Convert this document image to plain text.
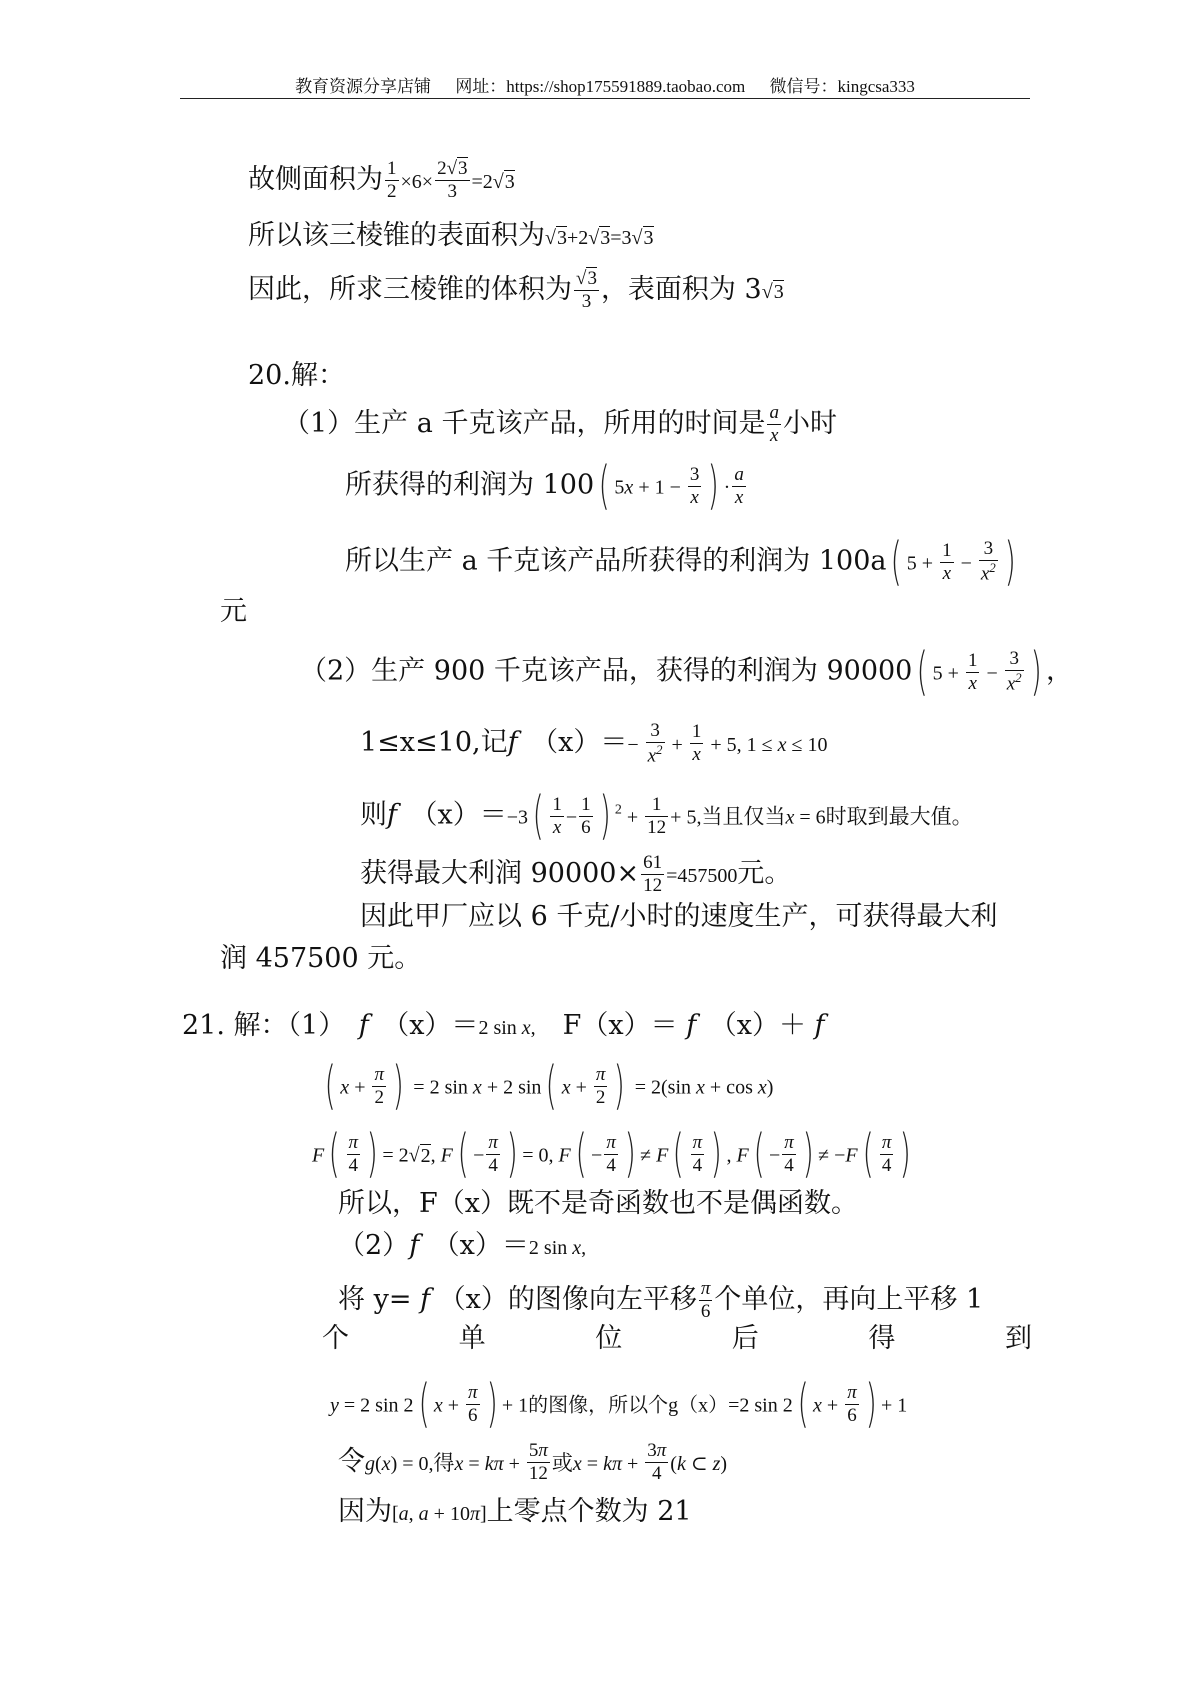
教育资源分享店铺 网址：https://shop175591889.taobao.com 微信号：kingcsa333
故侧面积为 $\frac{1}{2} \times 6\times \frac{2√3}{3} =2√3$
所以该三棱锥的表面积为√3+2√3=3√3
因此，所求三棱锥的体积为 $\frac{√3}{3}$ ，表面积为 3√3
20.解：
（1）生产 a 千克该产品，所用的时间是 $\frac{a}{x}$ 小时
所获得的利润为 100( $5x + 1 - \frac{3}{x}$ ) · $\frac{a}{x}$
所以生产 a 千克该产品所获得的利润为 100a( $5 + \frac{1}{x} - \frac{3}{x^2}$ )
元
（2）生产 900 千克该产品，获得的利润为 90000( $5 + \frac{1}{x} - \frac{3}{x^2}$ ) ，
1≤x≤10,记f　$(x)=- \frac{3}{x^2} + \frac{1}{x} + 5$, 1 ≤ x ≤ 10
则f　$(x)=-3( \frac{1}{x} - \frac{1}{6}$ ) $^2 + \frac{1}{12} + 5$,当且仅当x = 6时取到最大值。
获得最大利润 $90000\times \frac{61}{12} =457500$元。
因此甲厂应以 6 千克/小时的速度生产，可获得最大利
润 457500 元。
21. 解：（1）　 f　（x）＝2 sin x,　F（x）＝ f　（x）＋ f
( $x + \frac{\pi}{2}$ ) = 2 sin x + 2 sin( $x + \frac{\pi}{2}$ ) = 2(sin x + cos x)
$F( \frac{\pi}{4}$ ) = 2√2, $F( - \frac{\pi}{4}$ ) = 0, $F( - \frac{\pi}{4}$ ) ≠ $F( \frac{\pi}{4}$ ) , $F( - \frac{\pi}{4}$ ) ≠ $-F( \frac{\pi}{4}$ )
所以，F（x）既不是奇函数也不是偶函数。
（2）f　（x）＝2 sin x,
将 y= f （x）的图像向左平移 $\frac{\pi}{6}$ 个单位，再向上平移 1
个	单	位	后	得	到
y = 2 sin 2( $x + \frac{\pi}{6}$ ) + 1的图像，所以个g（x）=2 sin 2( $x + \frac{\pi}{6}$ ) + 1
令g(x) = 0,得$x = k\pi + \frac{5\pi}{12}$ 或$x = k\pi + \frac{3\pi}{4} (k$ ⊂ z)
因为[a, a + 10π]上零点个数为 21
